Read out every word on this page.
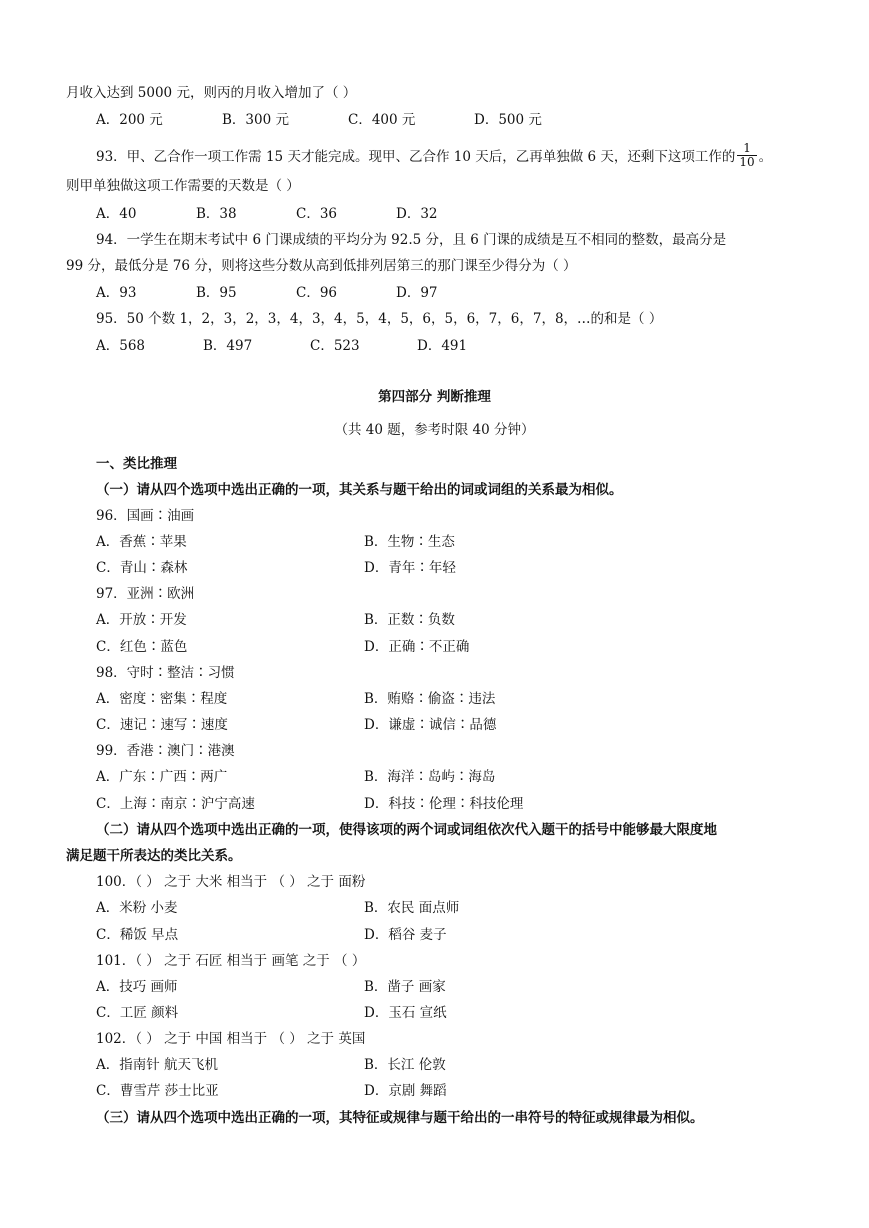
月收入达到 5000 元，则丙的月收入增加了（ ）
A．200 元	B．300 元	C．400 元	D．500 元
93．甲、乙合作一项工作需 15 天才能完成。现甲、乙合作 10 天后，乙再单独做 6 天，还剩下这项工作的 $\frac{1}{10}$ 。
则甲单独做这项工作需要的天数是（ ）
A．40	B．38	C．36	D．32
94．一学生在期末考试中 6 门课成绩的平均分为 92.5 分，且 6 门课的成绩是互不相同的整数，最高分是
99 分，最低分是 76 分，则将这些分数从高到低排列居第三的那门课至少得分为（ ）
A．93	B．95	C．96	D．97
95．50 个数 1，2，3，2，3，4，3，4，5，4，5，6，5，6，7，6，7，8，…的和是（ ）
A．568	B．497	C．523	D．491
第四部分 判断推理
（共 40 题，参考时限 40 分钟）
一、类比推理
（一）请从四个选项中选出正确的一项，其关系与题干给出的词或词组的关系最为相似。
96．国画∶油画
A．香蕉∶苹果	B．生物∶生态
C．青山∶森林	D．青年∶年轻
97．亚洲∶欧洲
A．开放∶开发	B．正数∶负数
C．红色∶蓝色	D．正确∶不正确
98．守时∶整洁∶习惯
A．密度∶密集∶程度	B．贿赂∶偷盗∶违法
C．速记∶速写∶速度	D．谦虚∶诚信∶品德
99．香港∶澳门∶港澳
A．广东∶广西∶两广	B．海洋∶岛屿∶海岛
C．上海∶南京∶沪宁高速	D．科技∶伦理∶科技伦理
（二）请从四个选项中选出正确的一项，使得该项的两个词或词组依次代入题干的括号中能够最大限度地
满足题干所表达的类比关系。
100．（ ） 之于 大米 相当于 （ ） 之于 面粉
A．米粉 小麦	B．农民 面点师
C．稀饭 早点	D．稻谷 麦子
101．（ ） 之于 石匠 相当于 画笔 之于 （ ）
A．技巧 画师	B．凿子 画家
C．工匠 颜料	D．玉石 宣纸
102．（ ） 之于 中国 相当于 （ ） 之于 英国
A．指南针 航天飞机	B．长江 伦敦
C．曹雪芹 莎士比亚	D．京剧 舞蹈
（三）请从四个选项中选出正确的一项，其特征或规律与题干给出的一串符号的特征或规律最为相似。
